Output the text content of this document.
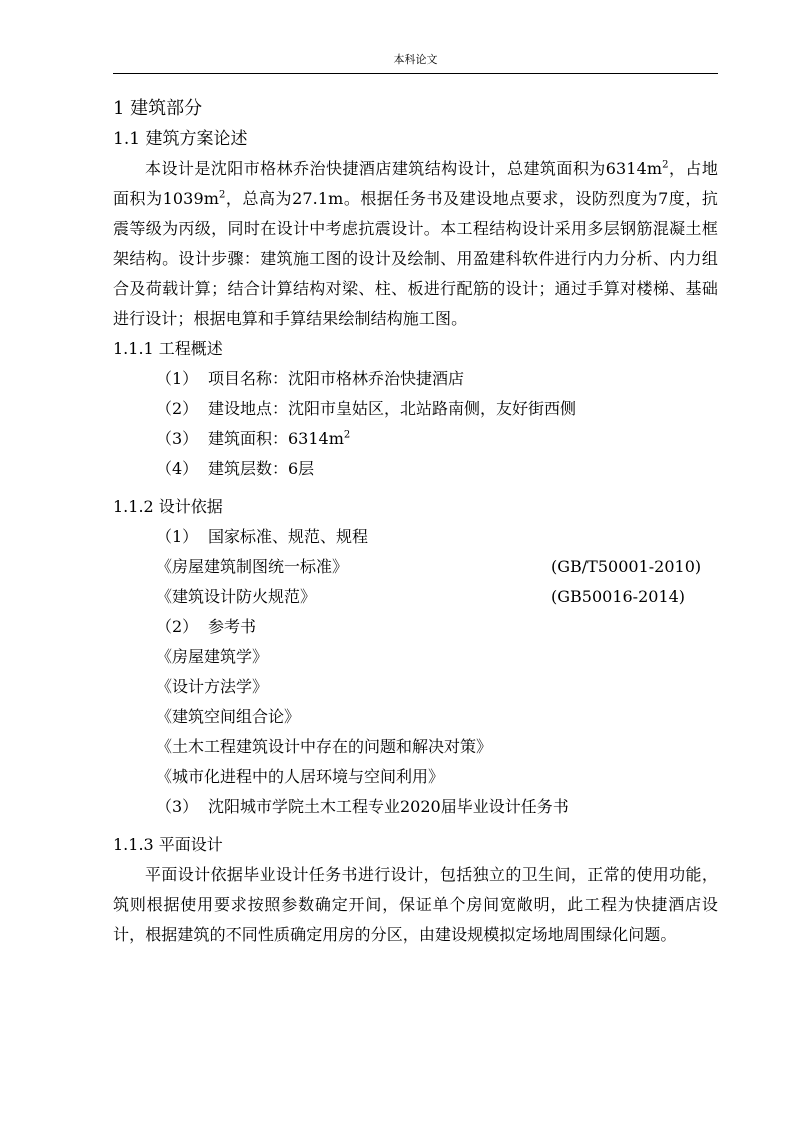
本科论文
1 建筑部分
1.1 建筑方案论述

本设计是沈阳市格林乔治快捷酒店建筑结构设计，总建筑面积为$6314m^2$，占地面积为$1039m^2$，总高为27.1m。根据任务书及建设地点要求，设防烈度为7度，抗震等级为丙级，同时在设计中考虑抗震设计。本工程结构设计采用多层钢筋混凝土框架结构。设计步骤：建筑施工图的设计及绘制、用盈建科软件进行内力分析、内力组合及荷载计算；结合计算结构对梁、柱、板进行配筋的设计；通过手算对楼梯、基础进行设计；根据电算和手算结果绘制结构施工图。

1.1.1 工程概述
（1） 项目名称：沈阳市格林乔治快捷酒店
（2） 建设地点：沈阳市皇姑区，北站路南侧，友好街西侧
（3） 建筑面积：$6314m^2$
（4） 建筑层数：6层
1.1.2 设计依据
（1） 国家标准、规范、规程
《房屋建筑制图统一标准》	(GB/T50001-2010)
《建筑设计防火规范》	(GB50016-2014)
（2） 参考书
《房屋建筑学》
《设计方法学》
《建筑空间组合论》
《土木工程建筑设计中存在的问题和解决对策》
《城市化进程中的人居环境与空间利用》
（3） 沈阳城市学院土木工程专业2020届毕业设计任务书
1.1.3 平面设计

平面设计依据毕业设计任务书进行设计，包括独立的卫生间，正常的使用功能，筑则根据使用要求按照参数确定开间，保证单个房间宽敞明，此工程为快捷酒店设计，根据建筑的不同性质确定用房的分区，由建设规模拟定场地周围绿化问题。
